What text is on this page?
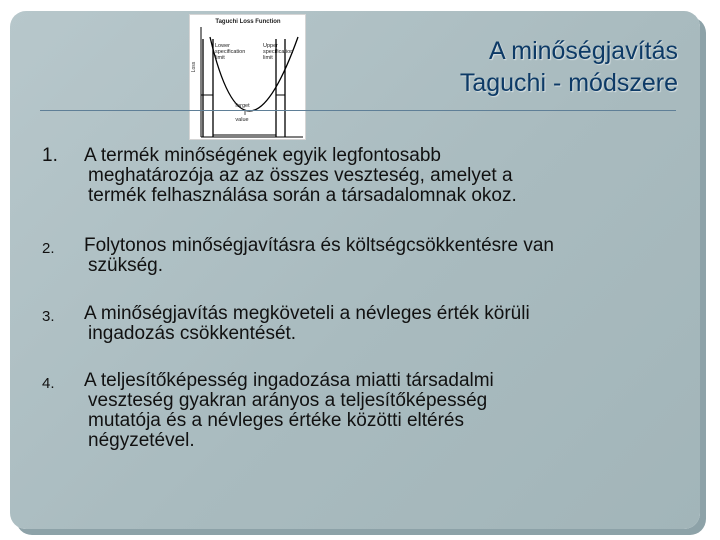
Taguchi Loss Function
Loss
Lower
specification
limit
Upper
specification
limit
Target
value
A minőségjavítás
Taguchi - módszere
1. A termék minőségének egyik legfontosabb
meghatározója az az összes veszteség, amelyet a
termék felhasználása során a társadalomnak okoz.
2. Folytonos minőségjavításra és költségcsökkentésre van
szükség.
3. A minőségjavítás megköveteli a névleges érték körüli
ingadozás csökkentését.
4. A teljesítőképesség ingadozása miatti társadalmi
veszteség gyakran arányos a teljesítőképesség
mutatója és a névleges értéke közötti eltérés
négyzetével.
